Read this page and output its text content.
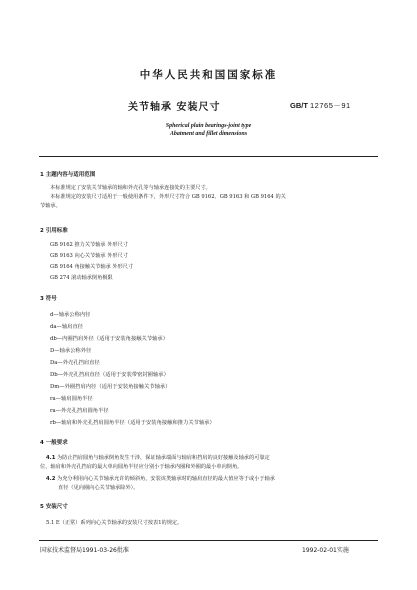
中华人民共和国国家标准
关节轴承 安装尺寸	GB/T 12765－91
Spherical plain bearings-joint type
Abatment and fillet dimensions
1 主题内容与适用范围
本标准规定了安装关节轴承的轴和外壳孔等与轴承连接处的主要尺寸。
本标准规定的安装尺寸适用于一般使用条件下，外形尺寸符合 GB 9162、GB 9163 和 GB 9164 的关
节轴承。
2 引用标准
GB 9162 推力关节轴承 外形尺寸
GB 9163 向心关节轴承 外形尺寸
GB 9164 角接触关节轴承 外形尺寸
GB 274 滚动轴承倒角极限
3 符号
d—轴承公称内径
da—轴肩直径
db—内圈挡肩外径（适用于安装角接触关节轴承）
D—轴承公称外径
Da—外壳孔挡肩直径
Db—外壳孔挡肩直径（适用于安装带密封圈轴承）
Dm—外圈挡肩内径（适用于安装角接触关节轴承）
ra—轴肩圆角半径
ra—外壳孔挡肩圆角半径
rb—轴肩和外壳孔挡肩圆角半径（适用于安装角接触和推力关节轴承）
4 一般要求
4.1 为防止挡肩圆角与轴承倒角发生干涉，保证轴承端面与轴肩和挡肩的良好接触及轴承的可靠定
位，轴肩和外壳孔挡肩的最大单向圆角半径应分别小于轴承内圈和外圈的最小单向倒角。
4.2 为充分利用向心关节轴承允许的倾斜角，安装该类轴承时的轴肩直径的最大值应等于或小于轴承
直径（见向圈向心关节轴承除外）。
5 安装尺寸
5.1 E（正常）系列向心关节轴承的安装尺寸按表1的规定。
国家技术监督局1991-03-26批准	1992-02-01实施
